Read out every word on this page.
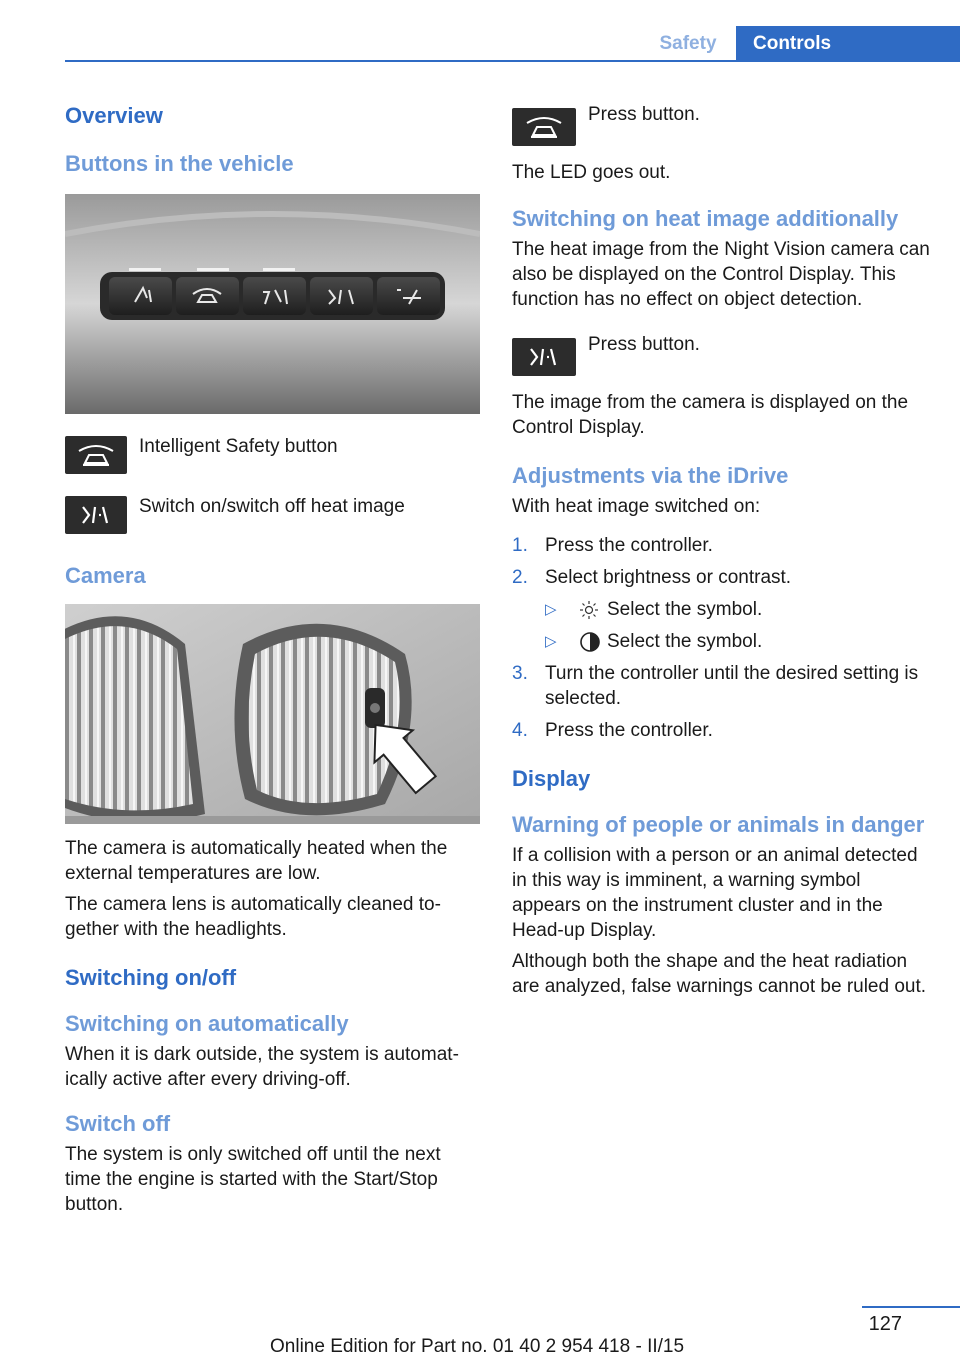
Safety	Controls
Overview
Buttons in the vehicle
Intelligent Safety button
Switch on/switch off heat image
Camera

The camera is automatically heated when the external temperatures are low.

The camera lens is automatically cleaned together with the headlights.

Switching on/off
Switching on automatically

When it is dark outside, the system is automatically active after every driving-off.

Switch off

The system is only switched off until the next time the engine is started with the Start/Stop button.

Press button.

The LED goes out.

Switching on heat image additionally

The heat image from the Night Vision camera can also be displayed on the Control Display. This function has no effect on object detection.

Press button.

The image from the camera is displayed on the Control Display.

Adjustments via the iDrive

With heat image switched on:

1. Press the controller.
2. Select brightness or contrast.
▷	Select the symbol.
▷	Select the symbol.
3. Turn the controller until the desired setting is selected.
4. Press the controller.
Display
Warning of people or animals in danger

If a collision with a person or an animal detected in this way is imminent, a warning symbol appears on the instrument cluster and in the Head-up Display.

Although both the shape and the heat radiation are analyzed, false warnings cannot be ruled out.

127
Online Edition for Part no. 01 40 2 954 418 - II/15
